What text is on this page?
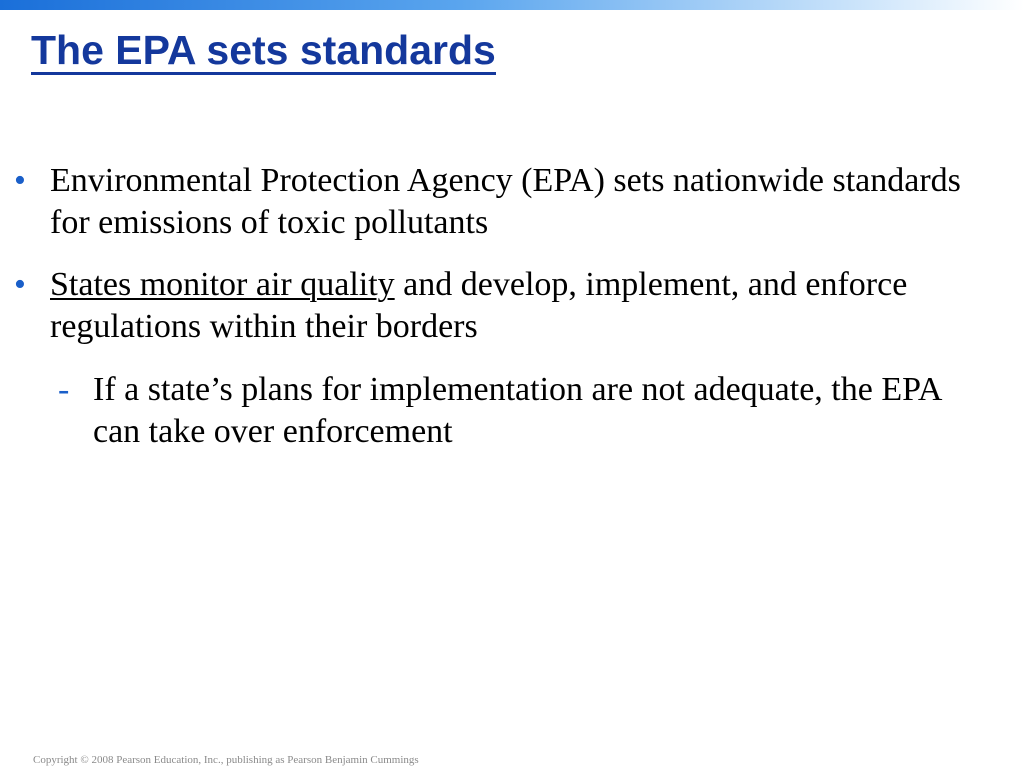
The EPA sets standards
• Environmental Protection Agency (EPA) sets nationwide standards for emissions of toxic pollutants
• States monitor air quality and develop, implement, and enforce regulations within their borders
- If a state’s plans for implementation are not adequate, the EPA can take over enforcement
Copyright © 2008 Pearson Education, Inc., publishing as Pearson Benjamin Cummings
